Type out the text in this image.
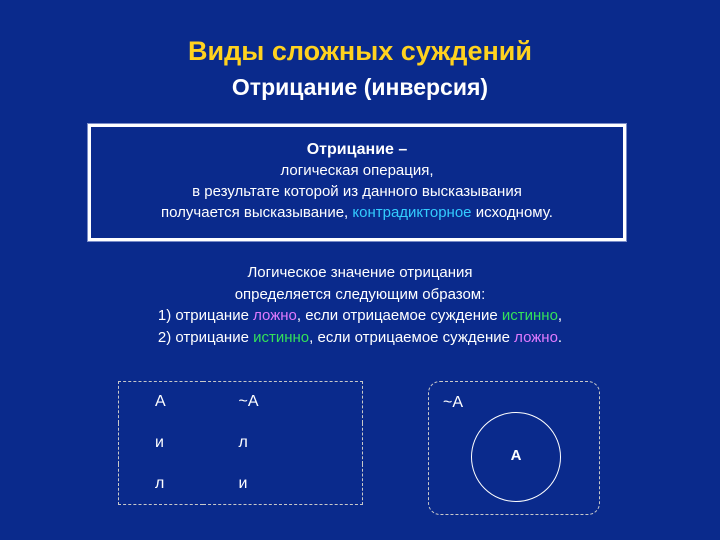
Виды сложных суждений
Отрицание (инверсия)
Отрицание –
логическая операция,
в результате которой из данного высказывания
получается высказывание, контрадикторное исходному.
Логическое значение отрицания
определяется следующим образом:
1) отрицание ложно, если отрицаемое суждение истинно,
2) отрицание истинно, если отрицаемое суждение ложно.
А	~А
и	л
л	и
~А
А
